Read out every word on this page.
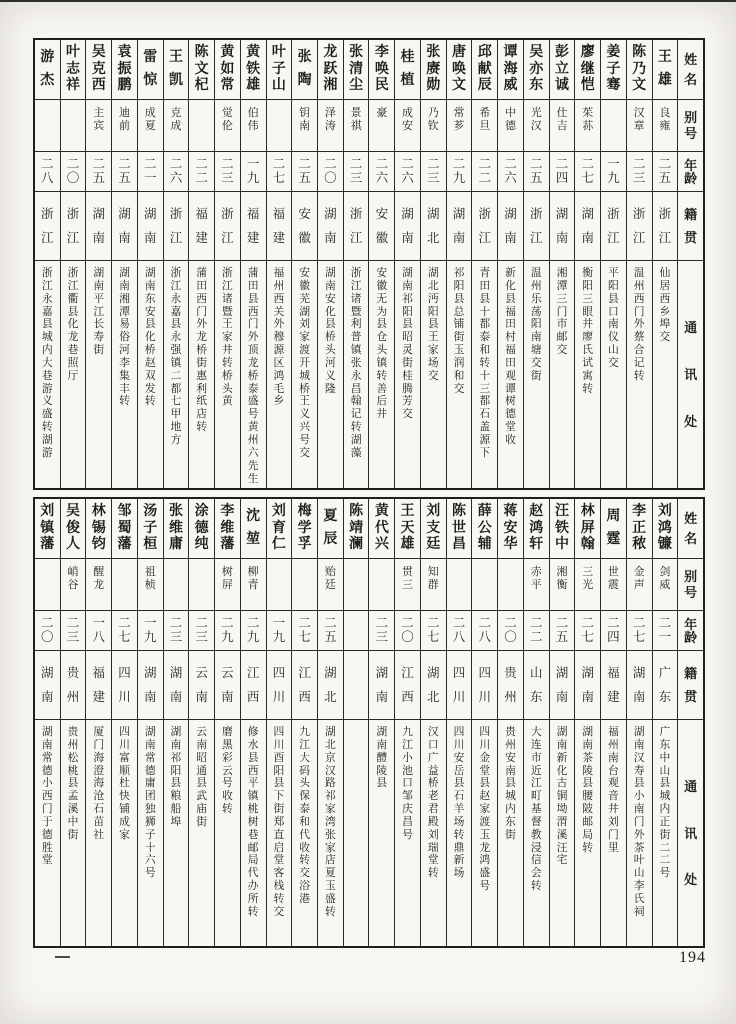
姓
名
别
号
年
龄
籍
贯
通
讯
处
王
雄
良
雍
二
五
浙
江
仙
居
西
乡
埠
交
陈
乃
文
汉
章
二
三
浙
江
温
州
西
门
外
蔡
合
记
转
姜
子
骞
一
九
浙
江
平
阳
县
口
南
仪
山
交
廖
继
恺
茱
荪
二
七
湖
南
衡
阳
三
眼
井
廖
氏
试
寓
转
彭
立
诚
仕
吉
二
四
湖
南
湘
潭
三
门
市
邮
交
吴
亦
东
光
汉
二
五
浙
江
温
州
乐
荡
阳
南
塘
交
街
谭
海
威
中
德
二
六
湖
南
新
化
县
福
田
村
福
田
观
谭
树
德
堂
收
邱
献
辰
希
旦
二
二
浙
江
青
田
县
十
都
泰
和
转
十
三
都
石
盖
源
下
唐
唤
文
常
芗
二
九
湖
南
祁
阳
县
总
铺
街
玉
润
和
交
张
赓
勋
乃
钦
二
三
湖
北
湖
北
沔
阳
县
王
家
场
交
桂
植
成
安
二
六
湖
南
湖
南
祁
阳
县
昭
灵
街
桂
腾
芳
交
李
唤
民
豪
二
六
安
徽
安
徽
无
为
县
仓
头
镇
转
善
后
井
张
清
尘
景
祺
二
三
浙
江
浙
江
诸
暨
利
普
镇
张
永
昌
翰
记
转
湖
藻
龙
跃
湘
泽
涛
二
〇
湖
南
湖
南
安
化
县
桥
头
河
义
隆
张
陶
钥
南
二
五
安
徽
安
徽
芜
湖
刘
家
渡
开
城
桥
王
义
兴
号
交
叶
子
山
二
七
福
建
福
州
西
关
外
穆
源
区
鸿
毛
乡
黄
铁
雄
伯
伟
一
九
福
建
蒲
田
县
西
门
外
顶
龙
桥
泰
盛
号
黄
州
六
先
生
黄
如
常
觉
伦
二
三
浙
江
浙
江
诸
暨
王
家
井
转
桥
头
黄
陈
文
杞
二
二
福
建
蒲
田
西
门
外
龙
桥
街
惠
利
纸
店
转
王
凯
克
成
二
六
浙
江
浙
江
永
嘉
县
永
强
镇
二
都
七
甲
地
方
雷
惊
成
夏
二
一
湖
南
湖
南
东
安
县
化
桥
赵
双
发
转
袁
振
鹏
迪
前
二
五
湖
南
湖
南
湘
潭
易
俗
河
李
集
丰
转
吴
克
西
主
宾
二
五
湖
南
湖
南
平
江
长
寿
街
叶
志
祥
二
〇
浙
江
浙
江
衢
县
化
龙
巷
照
厅
游
杰
二
八
浙
江
浙
江
永
嘉
县
城
内
大
巷
游
义
盛
转
湖
游
姓
名
别
号
年
龄
籍
贯
通
讯
处
刘
鸿
镰
剑
威
二
一
广
东
广
东
中
山
县
城
内
正
街
二
二
号
李
正
秾
金
声
二
七
湖
南
湖
南
汉
寿
县
小
南
门
外
茶
叶
山
李
氏
祠
周
霆
世
震
二
四
福
建
福
州
南
台
观
音
井
刘
门
里
林
屏
翰
三
光
二
七
湖
南
湖
南
茶
陵
县
腰
陂
邮
局
转
汪
铁
中
湘
衡
二
五
湖
南
湖
南
新
化
古
铜
坳
渭
溪
汪
宅
赵
鸿
轩
赤
平
二
二
山
东
大
连
市
近
江
町
基
督
教
浸
信
会
转
蒋
安
华
二
〇
贵
州
贵
州
安
南
县
城
内
东
街
薛
公
辅
二
八
四
川
四
川
金
堂
县
赵
家
渡
玉
龙
鸿
盛
号
陈
世
昌
二
八
四
川
四
川
安
岳
县
石
羊
场
转
鼎
新
场
刘
支
廷
知
群
二
七
湖
北
汉
口
广
益
桥
老
君
殿
刘
瑞
堂
转
王
天
雄
贯
三
二
〇
江
西
九
江
小
池
口
邹
庆
昌
号
黄
代
兴
二
三
湖
南
湖
南
醴
陵
县
陈
靖
澜
夏
辰
贻
廷
二
五
湖
北
湖
北
京
汉
路
祁
家
湾
张
家
店
夏
玉
盛
转
梅
学
孚
二
七
江
西
九
江
大
码
头
保
泰
和
代
收
转
交
浴
港
刘
育
仁
一
九
四
川
四
川
酉
阳
县
下
街
郑
直
启
堂
客
栈
转
交
沈
堃
柳
青
二
九
江
西
修
水
县
西
平
镇
桃
树
巷
邮
局
代
办
所
转
李
维
藩
树
屏
二
九
云
南
磨
黑
彩
云
号
收
转
涂
德
纯
二
三
云
南
云
南
昭
通
县
武
庙
街
张
维
庸
二
三
湖
南
湖
南
祁
阳
县
粮
船
埠
汤
子
桓
祖
桢
一
九
湖
南
湖
南
常
德
庸
团
独
狮
子
十
六
号
邹
蜀
藩
二
七
四
川
四
川
富
顺
杜
快
铺
成
家
林
锡
钧
醒
龙
一
八
福
建
厦
门
海
澄
海
沧
石
苗
社
吴
俊
人
峭
谷
二
三
贵
州
贵
州
松
桃
县
孟
溪
中
街
刘
镇
藩
二
〇
湖
南
湖
南
常
德
小
西
门
于
德
胜
堂
194
